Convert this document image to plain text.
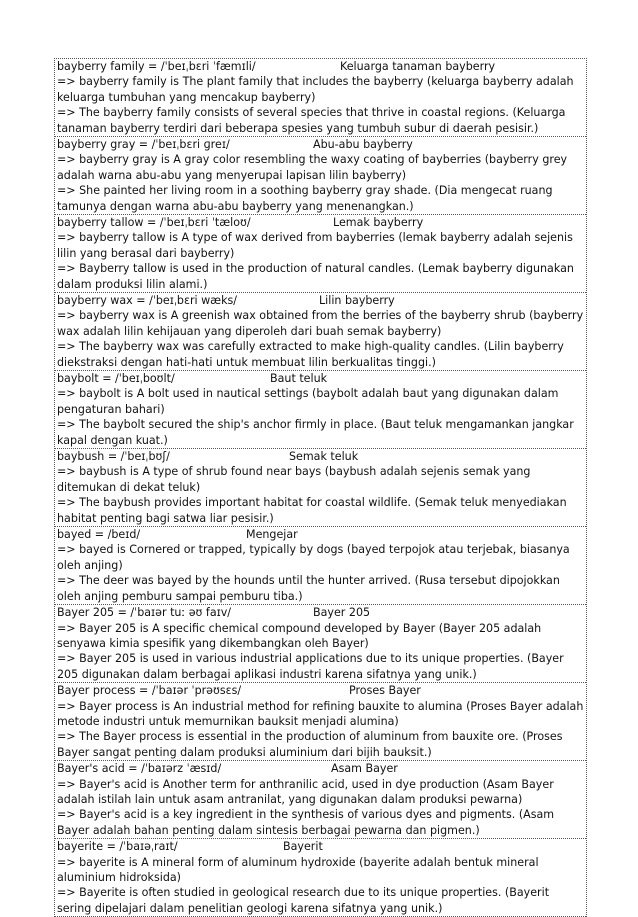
bayberry family = /ˈbeɪˌbɛri ˈfæmɪli/	Keluarga tanaman bayberry
=> bayberry family is The plant family that includes the bayberry (keluarga bayberry adalah keluarga tumbuhan yang mencakup bayberry)
=> The bayberry family consists of several species that thrive in coastal regions. (Keluarga tanaman bayberry terdiri dari beberapa spesies yang tumbuh subur di daerah pesisir.)
bayberry gray = /ˈbeɪˌbɛri ɡreɪ/	Abu-abu bayberry
=> bayberry gray is A gray color resembling the waxy coating of bayberries (bayberry grey adalah warna abu-abu yang menyerupai lapisan lilin bayberry)
=> She painted her living room in a soothing bayberry gray shade. (Dia mengecat ruang tamunya dengan warna abu-abu bayberry yang menenangkan.)
bayberry tallow = /ˈbeɪˌbɛri ˈtæloʊ/	Lemak bayberry
=> bayberry tallow is A type of wax derived from bayberries (lemak bayberry adalah sejenis lilin yang berasal dari bayberry)
=> Bayberry tallow is used in the production of natural candles. (Lemak bayberry digunakan dalam produksi lilin alami.)
bayberry wax = /ˈbeɪˌbɛri wæks/	Lilin bayberry
=> bayberry wax is A greenish wax obtained from the berries of the bayberry shrub (bayberry wax adalah lilin kehijauan yang diperoleh dari buah semak bayberry)
=> The bayberry wax was carefully extracted to make high-quality candles. (Lilin bayberry diekstraksi dengan hati-hati untuk membuat lilin berkualitas tinggi.)
baybolt = /ˈbeɪˌboʊlt/	Baut teluk
=> baybolt is A bolt used in nautical settings (baybolt adalah baut yang digunakan dalam pengaturan bahari)
=> The baybolt secured the ship's anchor firmly in place. (Baut teluk mengamankan jangkar kapal dengan kuat.)
baybush = /ˈbeɪˌbʊʃ/	Semak teluk
=> baybush is A type of shrub found near bays (baybush adalah sejenis semak yang ditemukan di dekat teluk)
=> The baybush provides important habitat for coastal wildlife. (Semak teluk menyediakan habitat penting bagi satwa liar pesisir.)
bayed = /beɪd/	Mengejar
=> bayed is Cornered or trapped, typically by dogs (bayed terpojok atau terjebak, biasanya oleh anjing)
=> The deer was bayed by the hounds until the hunter arrived. (Rusa tersebut dipojokkan oleh anjing pemburu sampai pemburu tiba.)
Bayer 205 = /ˈbaɪər tuː əʊ faɪv/	Bayer 205
=> Bayer 205 is A specific chemical compound developed by Bayer (Bayer 205 adalah senyawa kimia spesifik yang dikembangkan oleh Bayer)
=> Bayer 205 is used in various industrial applications due to its unique properties. (Bayer 205 digunakan dalam berbagai aplikasi industri karena sifatnya yang unik.)
Bayer process = /ˈbaɪər ˈprəʊsɛs/	Proses Bayer
=> Bayer process is An industrial method for refining bauxite to alumina (Proses Bayer adalah metode industri untuk memurnikan bauksit menjadi alumina)
=> The Bayer process is essential in the production of aluminum from bauxite ore. (Proses Bayer sangat penting dalam produksi aluminium dari bijih bauksit.)
Bayer's acid = /ˈbaɪərz ˈæsɪd/	Asam Bayer
=> Bayer's acid is Another term for anthranilic acid, used in dye production (Asam Bayer adalah istilah lain untuk asam antranilat, yang digunakan dalam produksi pewarna)
=> Bayer's acid is a key ingredient in the synthesis of various dyes and pigments. (Asam Bayer adalah bahan penting dalam sintesis berbagai pewarna dan pigmen.)
bayerite = /ˈbaɪəˌraɪt/	Bayerit
=> bayerite is A mineral form of aluminum hydroxide (bayerite adalah bentuk mineral aluminium hidroksida)
=> Bayerite is often studied in geological research due to its unique properties. (Bayerit sering dipelajari dalam penelitian geologi karena sifatnya yang unik.)
